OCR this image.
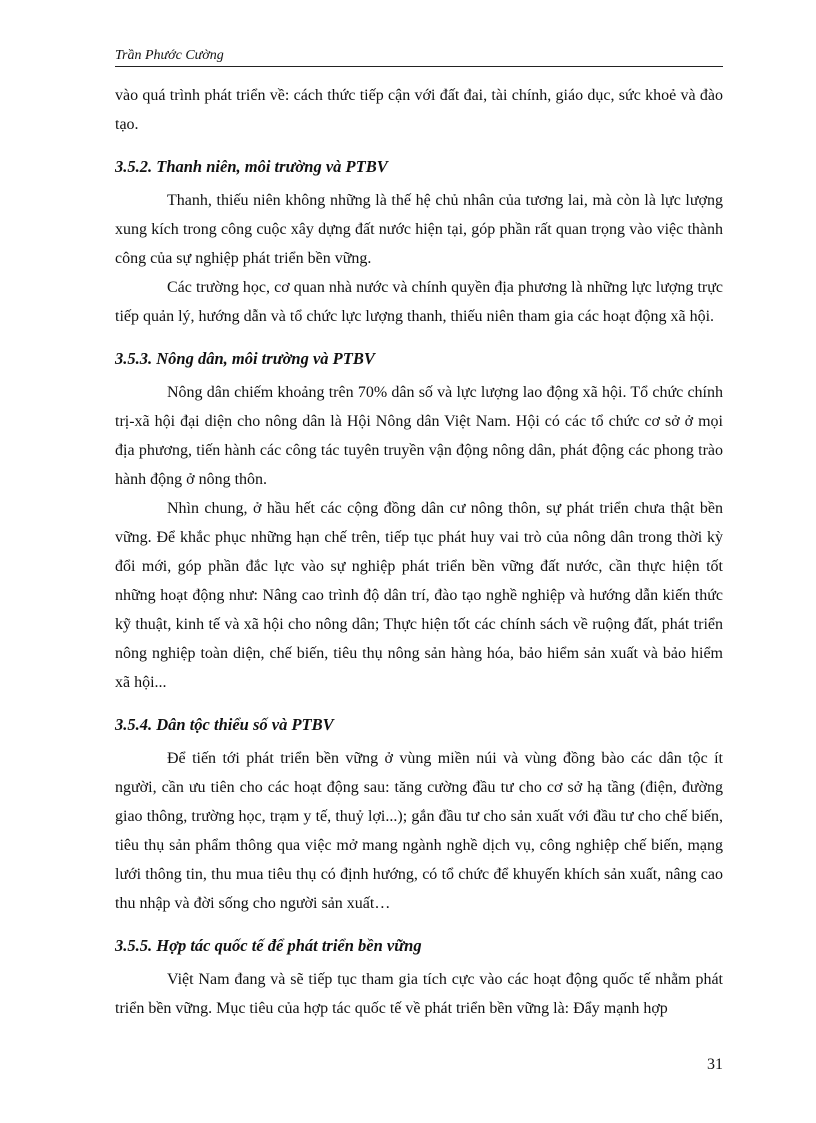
Trần Phước Cường

vào quá trình phát triển về: cách thức tiếp cận với đất đai, tài chính, giáo dục, sức khoẻ và đào tạo.

3.5.2. Thanh niên, môi trường và PTBV

Thanh, thiếu niên không những là thế hệ chủ nhân của tương lai, mà còn là lực lượng xung kích trong công cuộc xây dựng đất nước hiện tại, góp phần rất quan trọng vào việc thành công của sự nghiệp phát triển bền vững.

Các trường học, cơ quan nhà nước và chính quyền địa phương là những lực lượng trực tiếp quản lý, hướng dẫn và tổ chức lực lượng thanh, thiếu niên tham gia các hoạt động xã hội.

3.5.3. Nông dân, môi trường và PTBV

Nông dân chiếm khoảng trên 70% dân số và lực lượng lao động xã hội. Tổ chức chính trị-xã hội đại diện cho nông dân là Hội Nông dân Việt Nam. Hội có các tổ chức cơ sở ở mọi địa phương, tiến hành các công tác tuyên truyền vận động nông dân, phát động các phong trào hành động ở nông thôn.

Nhìn chung, ở hầu hết các cộng đồng dân cư nông thôn, sự phát triển chưa thật bền vững. Để khắc phục những hạn chế trên, tiếp tục phát huy vai trò của nông dân trong thời kỳ đổi mới, góp phần đắc lực vào sự nghiệp phát triển bền vững đất nước, cần thực hiện tốt những hoạt động như: Nâng cao trình độ dân trí, đào tạo nghề nghiệp và hướng dẫn kiến thức kỹ thuật, kinh tế và xã hội cho nông dân; Thực hiện tốt các chính sách về ruộng đất, phát triển nông nghiệp toàn diện, chế biến, tiêu thụ nông sản hàng hóa, bảo hiểm sản xuất và bảo hiểm xã hội...

3.5.4. Dân tộc thiểu số và PTBV

Để tiến tới phát triển bền vững ở vùng miền núi và vùng đồng bào các dân tộc ít người, cần ưu tiên cho các hoạt động sau: tăng cường đầu tư cho cơ sở hạ tầng (điện, đường giao thông, trường học, trạm y tế, thuỷ lợi...); gắn đầu tư cho sản xuất với đầu tư cho chế biến, tiêu thụ sản phẩm thông qua việc mở mang ngành nghề dịch vụ, công nghiệp chế biến, mạng lưới thông tin, thu mua tiêu thụ có định hướng, có tổ chức để khuyến khích sản xuất, nâng cao thu nhập và đời sống cho người sản xuất…

3.5.5. Hợp tác quốc tế để phát triển bền vững

Việt Nam đang và sẽ tiếp tục tham gia tích cực vào các hoạt động quốc tế nhằm phát triển bền vững. Mục tiêu của hợp tác quốc tế về phát triển bền vững là: Đẩy mạnh hợp

31
